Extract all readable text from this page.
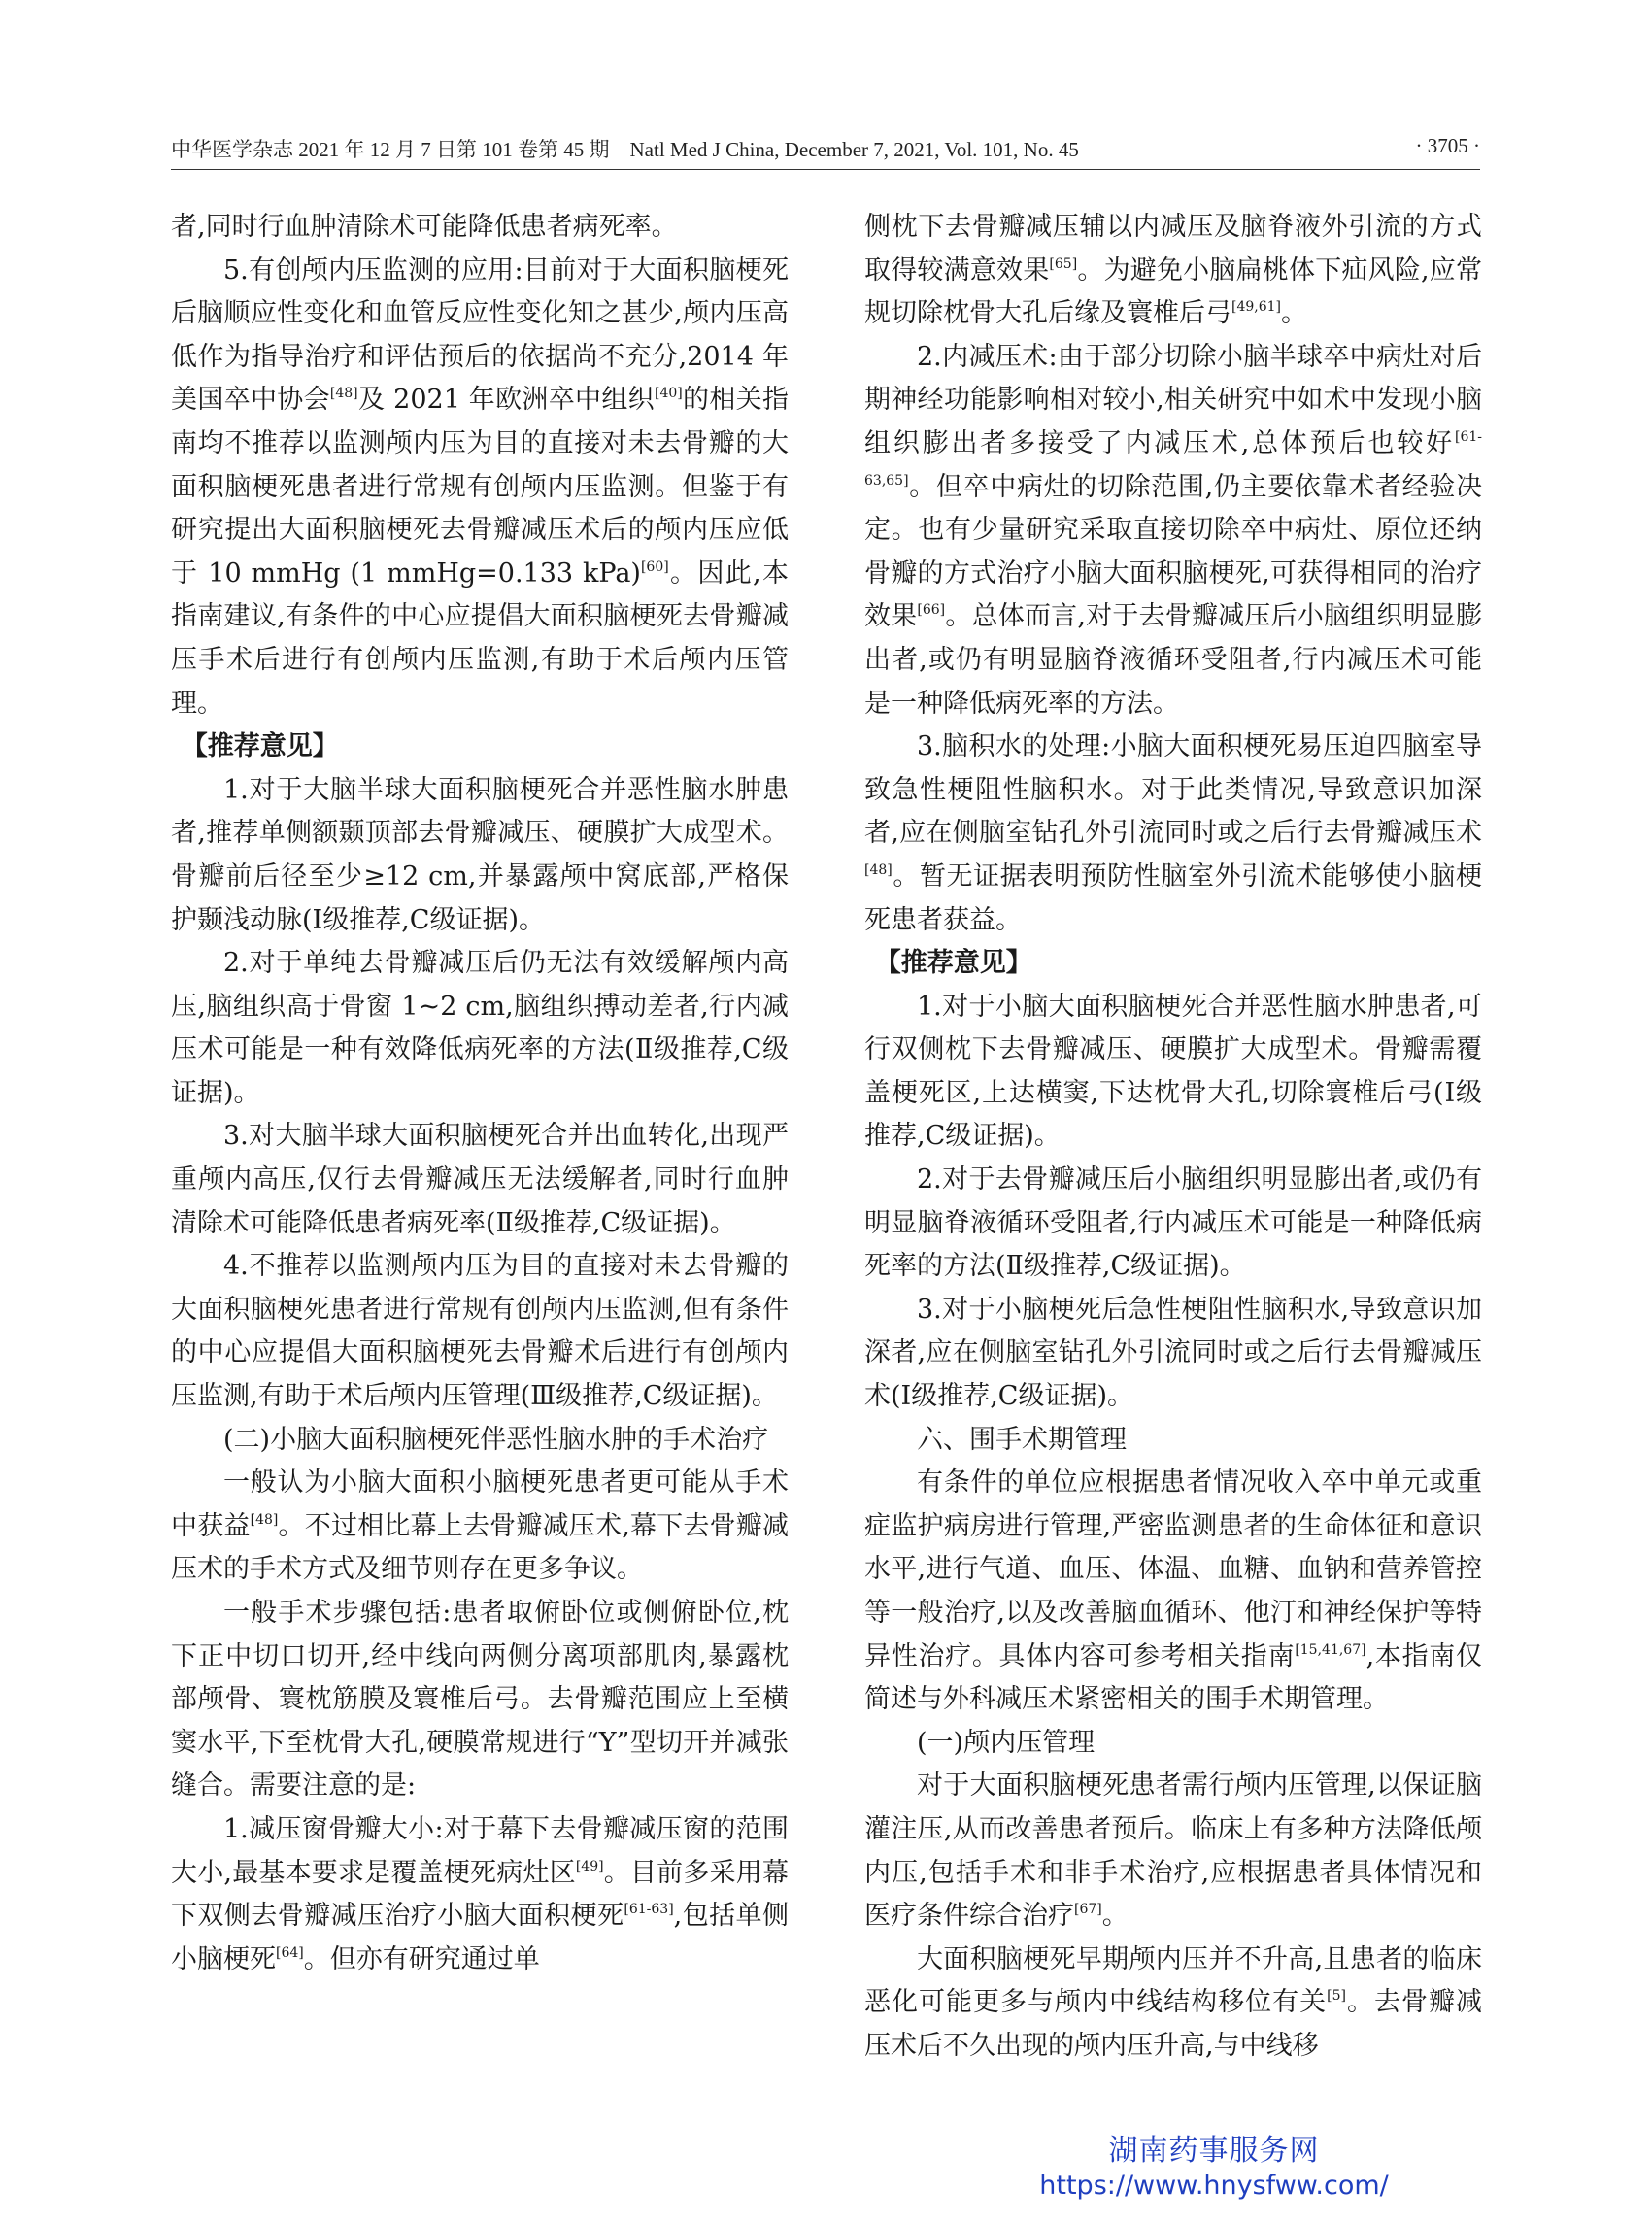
中华医学杂志 2021 年 12 月 7 日第 101 卷第 45 期　Natl Med J China, December 7, 2021, Vol. 101, No. 45	· 3705 ·

者,同时行血肿清除术可能降低患者病死率。

5.有创颅内压监测的应用:目前对于大面积脑梗死后脑顺应性变化和血管反应性变化知之甚少,颅内压高低作为指导治疗和评估预后的依据尚不充分,2014 年美国卒中协会[48]及 2021 年欧洲卒中组织[40]的相关指南均不推荐以监测颅内压为目的直接对未去骨瓣的大面积脑梗死患者进行常规有创颅内压监测。但鉴于有研究提出大面积脑梗死去骨瓣减压术后的颅内压应低于 10 mmHg (1 mmHg=0.133 kPa)[60]。因此,本指南建议,有条件的中心应提倡大面积脑梗死去骨瓣减压手术后进行有创颅内压监测,有助于术后颅内压管理。

【推荐意见】

1.对于大脑半球大面积脑梗死合并恶性脑水肿患者,推荐单侧额颞顶部去骨瓣减压、硬膜扩大成型术。骨瓣前后径至少≥12 cm,并暴露颅中窝底部,严格保护颞浅动脉(Ⅰ级推荐,C级证据)。

2.对于单纯去骨瓣减压后仍无法有效缓解颅内高压,脑组织高于骨窗 1~2 cm,脑组织搏动差者,行内减压术可能是一种有效降低病死率的方法(Ⅱ级推荐,C级证据)。

3.对大脑半球大面积脑梗死合并出血转化,出现严重颅内高压,仅行去骨瓣减压无法缓解者,同时行血肿清除术可能降低患者病死率(Ⅱ级推荐,C级证据)。

4.不推荐以监测颅内压为目的直接对未去骨瓣的大面积脑梗死患者进行常规有创颅内压监测,但有条件的中心应提倡大面积脑梗死去骨瓣术后进行有创颅内压监测,有助于术后颅内压管理(Ⅲ级推荐,C级证据)。

(二)小脑大面积脑梗死伴恶性脑水肿的手术治疗

一般认为小脑大面积小脑梗死患者更可能从手术中获益[48]。不过相比幕上去骨瓣减压术,幕下去骨瓣减压术的手术方式及细节则存在更多争议。

一般手术步骤包括:患者取俯卧位或侧俯卧位,枕下正中切口切开,经中线向两侧分离项部肌肉,暴露枕部颅骨、寰枕筋膜及寰椎后弓。去骨瓣范围应上至横窦水平,下至枕骨大孔,硬膜常规进行“Y”型切开并减张缝合。需要注意的是:

1.减压窗骨瓣大小:对于幕下去骨瓣减压窗的范围大小,最基本要求是覆盖梗死病灶区[49]。目前多采用幕下双侧去骨瓣减压治疗小脑大面积梗死[61-63],包括单侧小脑梗死[64]。但亦有研究通过单

侧枕下去骨瓣减压辅以内减压及脑脊液外引流的方式取得较满意效果[65]。为避免小脑扁桃体下疝风险,应常规切除枕骨大孔后缘及寰椎后弓[49,61]。

2.内减压术:由于部分切除小脑半球卒中病灶对后期神经功能影响相对较小,相关研究中如术中发现小脑组织膨出者多接受了内减压术,总体预后也较好[61-63,65]。但卒中病灶的切除范围,仍主要依靠术者经验决定。也有少量研究采取直接切除卒中病灶、原位还纳骨瓣的方式治疗小脑大面积脑梗死,可获得相同的治疗效果[66]。总体而言,对于去骨瓣减压后小脑组织明显膨出者,或仍有明显脑脊液循环受阻者,行内减压术可能是一种降低病死率的方法。

3.脑积水的处理:小脑大面积梗死易压迫四脑室导致急性梗阻性脑积水。对于此类情况,导致意识加深者,应在侧脑室钻孔外引流同时或之后行去骨瓣减压术[48]。暂无证据表明预防性脑室外引流术能够使小脑梗死患者获益。

【推荐意见】

1.对于小脑大面积脑梗死合并恶性脑水肿患者,可行双侧枕下去骨瓣减压、硬膜扩大成型术。骨瓣需覆盖梗死区,上达横窦,下达枕骨大孔,切除寰椎后弓(Ⅰ级推荐,C级证据)。

2.对于去骨瓣减压后小脑组织明显膨出者,或仍有明显脑脊液循环受阻者,行内减压术可能是一种降低病死率的方法(Ⅱ级推荐,C级证据)。

3.对于小脑梗死后急性梗阻性脑积水,导致意识加深者,应在侧脑室钻孔外引流同时或之后行去骨瓣减压术(Ⅰ级推荐,C级证据)。

六、围手术期管理

有条件的单位应根据患者情况收入卒中单元或重症监护病房进行管理,严密监测患者的生命体征和意识水平,进行气道、血压、体温、血糖、血钠和营养管控等一般治疗,以及改善脑血循环、他汀和神经保护等特异性治疗。具体内容可参考相关指南[15,41,67],本指南仅简述与外科减压术紧密相关的围手术期管理。

(一)颅内压管理

对于大面积脑梗死患者需行颅内压管理,以保证脑灌注压,从而改善患者预后。临床上有多种方法降低颅内压,包括手术和非手术治疗,应根据患者具体情况和医疗条件综合治疗[67]。

大面积脑梗死早期颅内压并不升高,且患者的临床恶化可能更多与颅内中线结构移位有关[5]。去骨瓣减压术后不久出现的颅内压升高,与中线移

湖南药事服务网
https://www.hnysfww.com/
